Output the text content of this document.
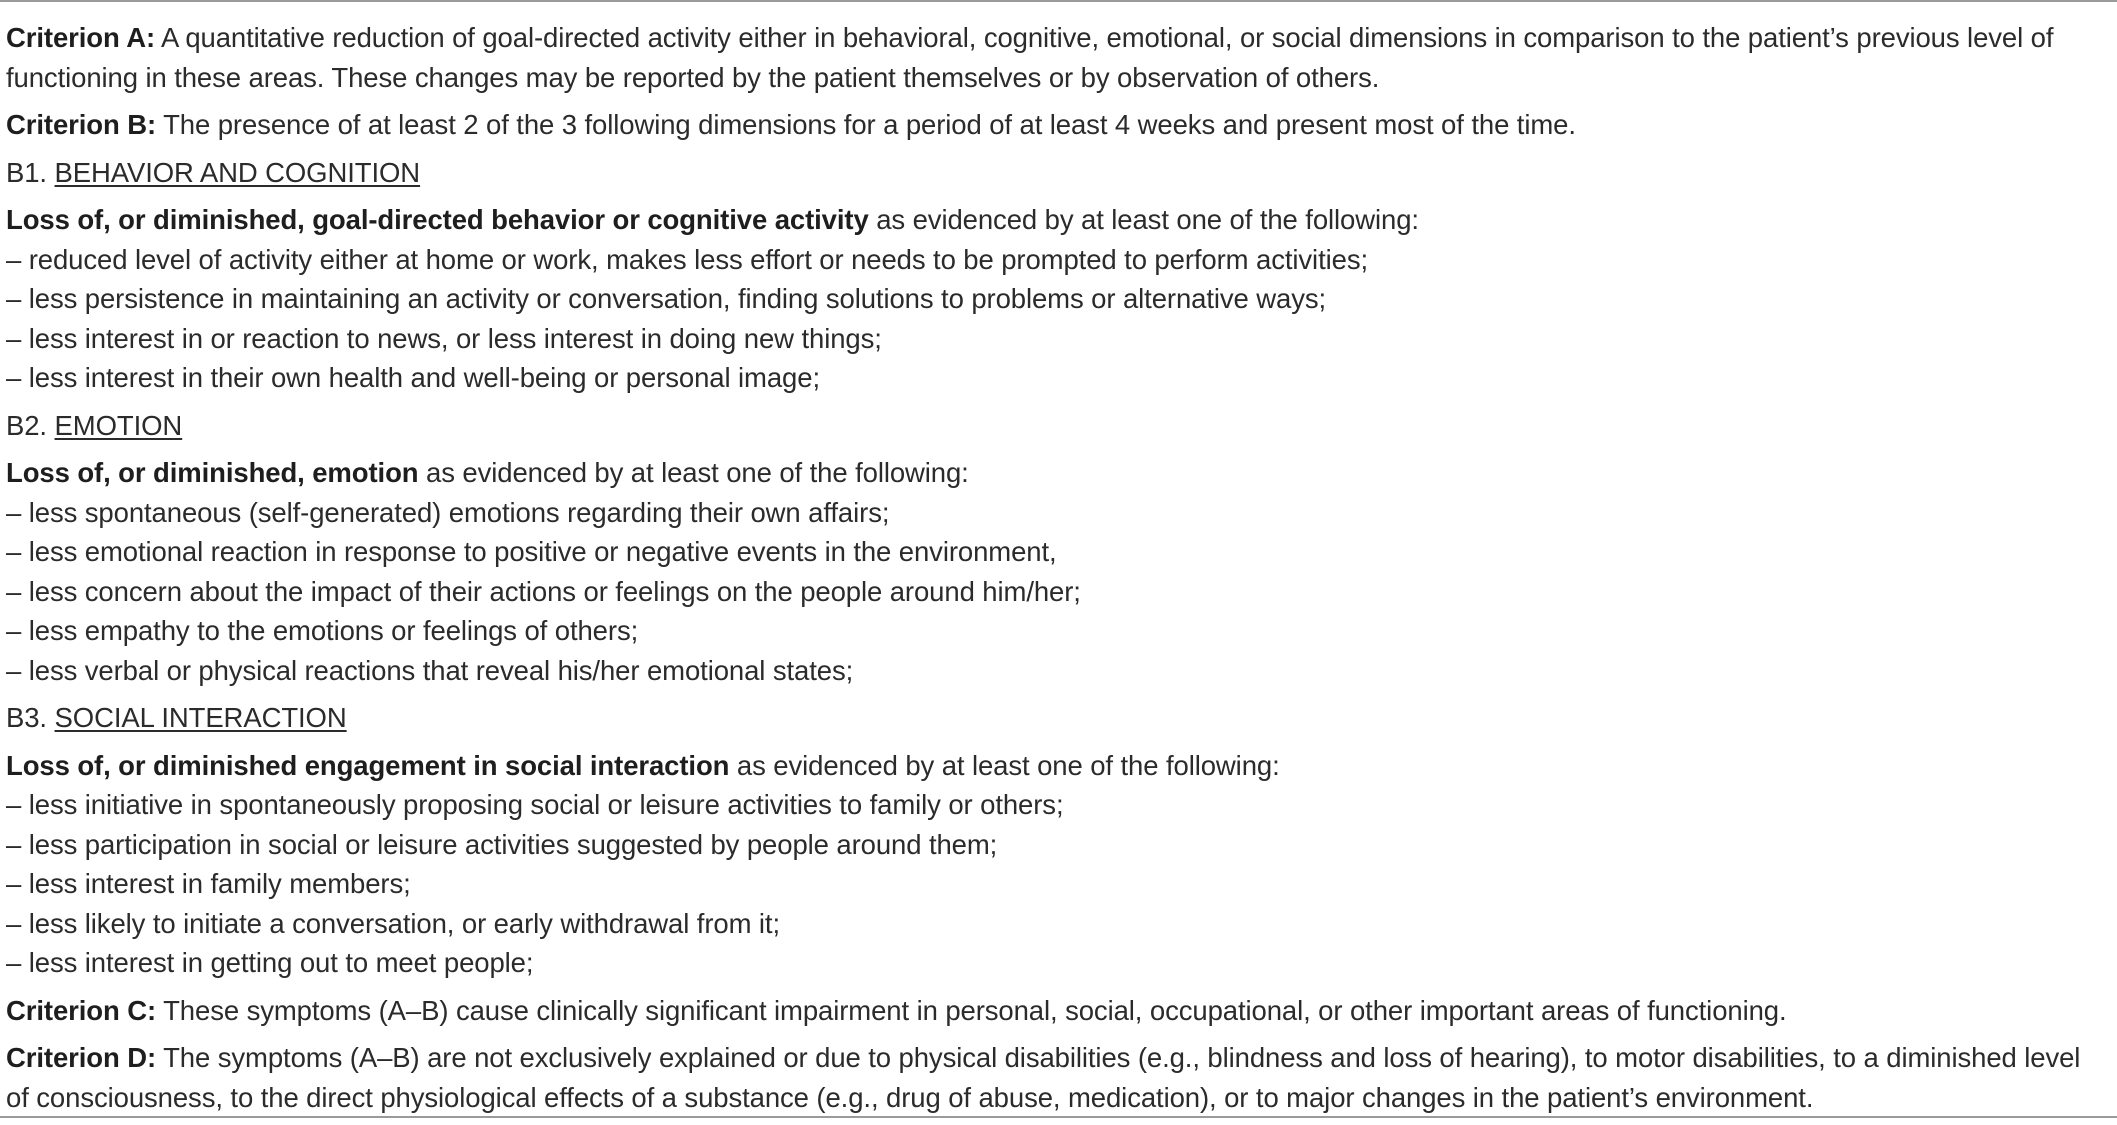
Criterion A: A quantitative reduction of goal-directed activity either in behavioral, cognitive, emotional, or social dimensions in comparison to the patient’s previous level of functioning in these areas. These changes may be reported by the patient themselves or by observation of others.

Criterion B: The presence of at least 2 of the 3 following dimensions for a period of at least 4 weeks and present most of the time.

B1. BEHAVIOR AND COGNITION

Loss of, or diminished, goal-directed behavior or cognitive activity as evidenced by at least one of the following:

– reduced level of activity either at home or work, makes less effort or needs to be prompted to perform activities;
– less persistence in maintaining an activity or conversation, finding solutions to problems or alternative ways;
– less interest in or reaction to news, or less interest in doing new things;
– less interest in their own health and well-being or personal image;

B2. EMOTION

Loss of, or diminished, emotion as evidenced by at least one of the following:

– less spontaneous (self-generated) emotions regarding their own affairs;
– less emotional reaction in response to positive or negative events in the environment,
– less concern about the impact of their actions or feelings on the people around him/her;
– less empathy to the emotions or feelings of others;
– less verbal or physical reactions that reveal his/her emotional states;

B3. SOCIAL INTERACTION

Loss of, or diminished engagement in social interaction as evidenced by at least one of the following:

– less initiative in spontaneously proposing social or leisure activities to family or others;
– less participation in social or leisure activities suggested by people around them;
– less interest in family members;
– less likely to initiate a conversation, or early withdrawal from it;
– less interest in getting out to meet people;

Criterion C: These symptoms (A–B) cause clinically significant impairment in personal, social, occupational, or other important areas of functioning.

Criterion D: The symptoms (A–B) are not exclusively explained or due to physical disabilities (e.g., blindness and loss of hearing), to motor disabilities, to a diminished level of consciousness, to the direct physiological effects of a substance (e.g., drug of abuse, medication), or to major changes in the patient’s environment.
